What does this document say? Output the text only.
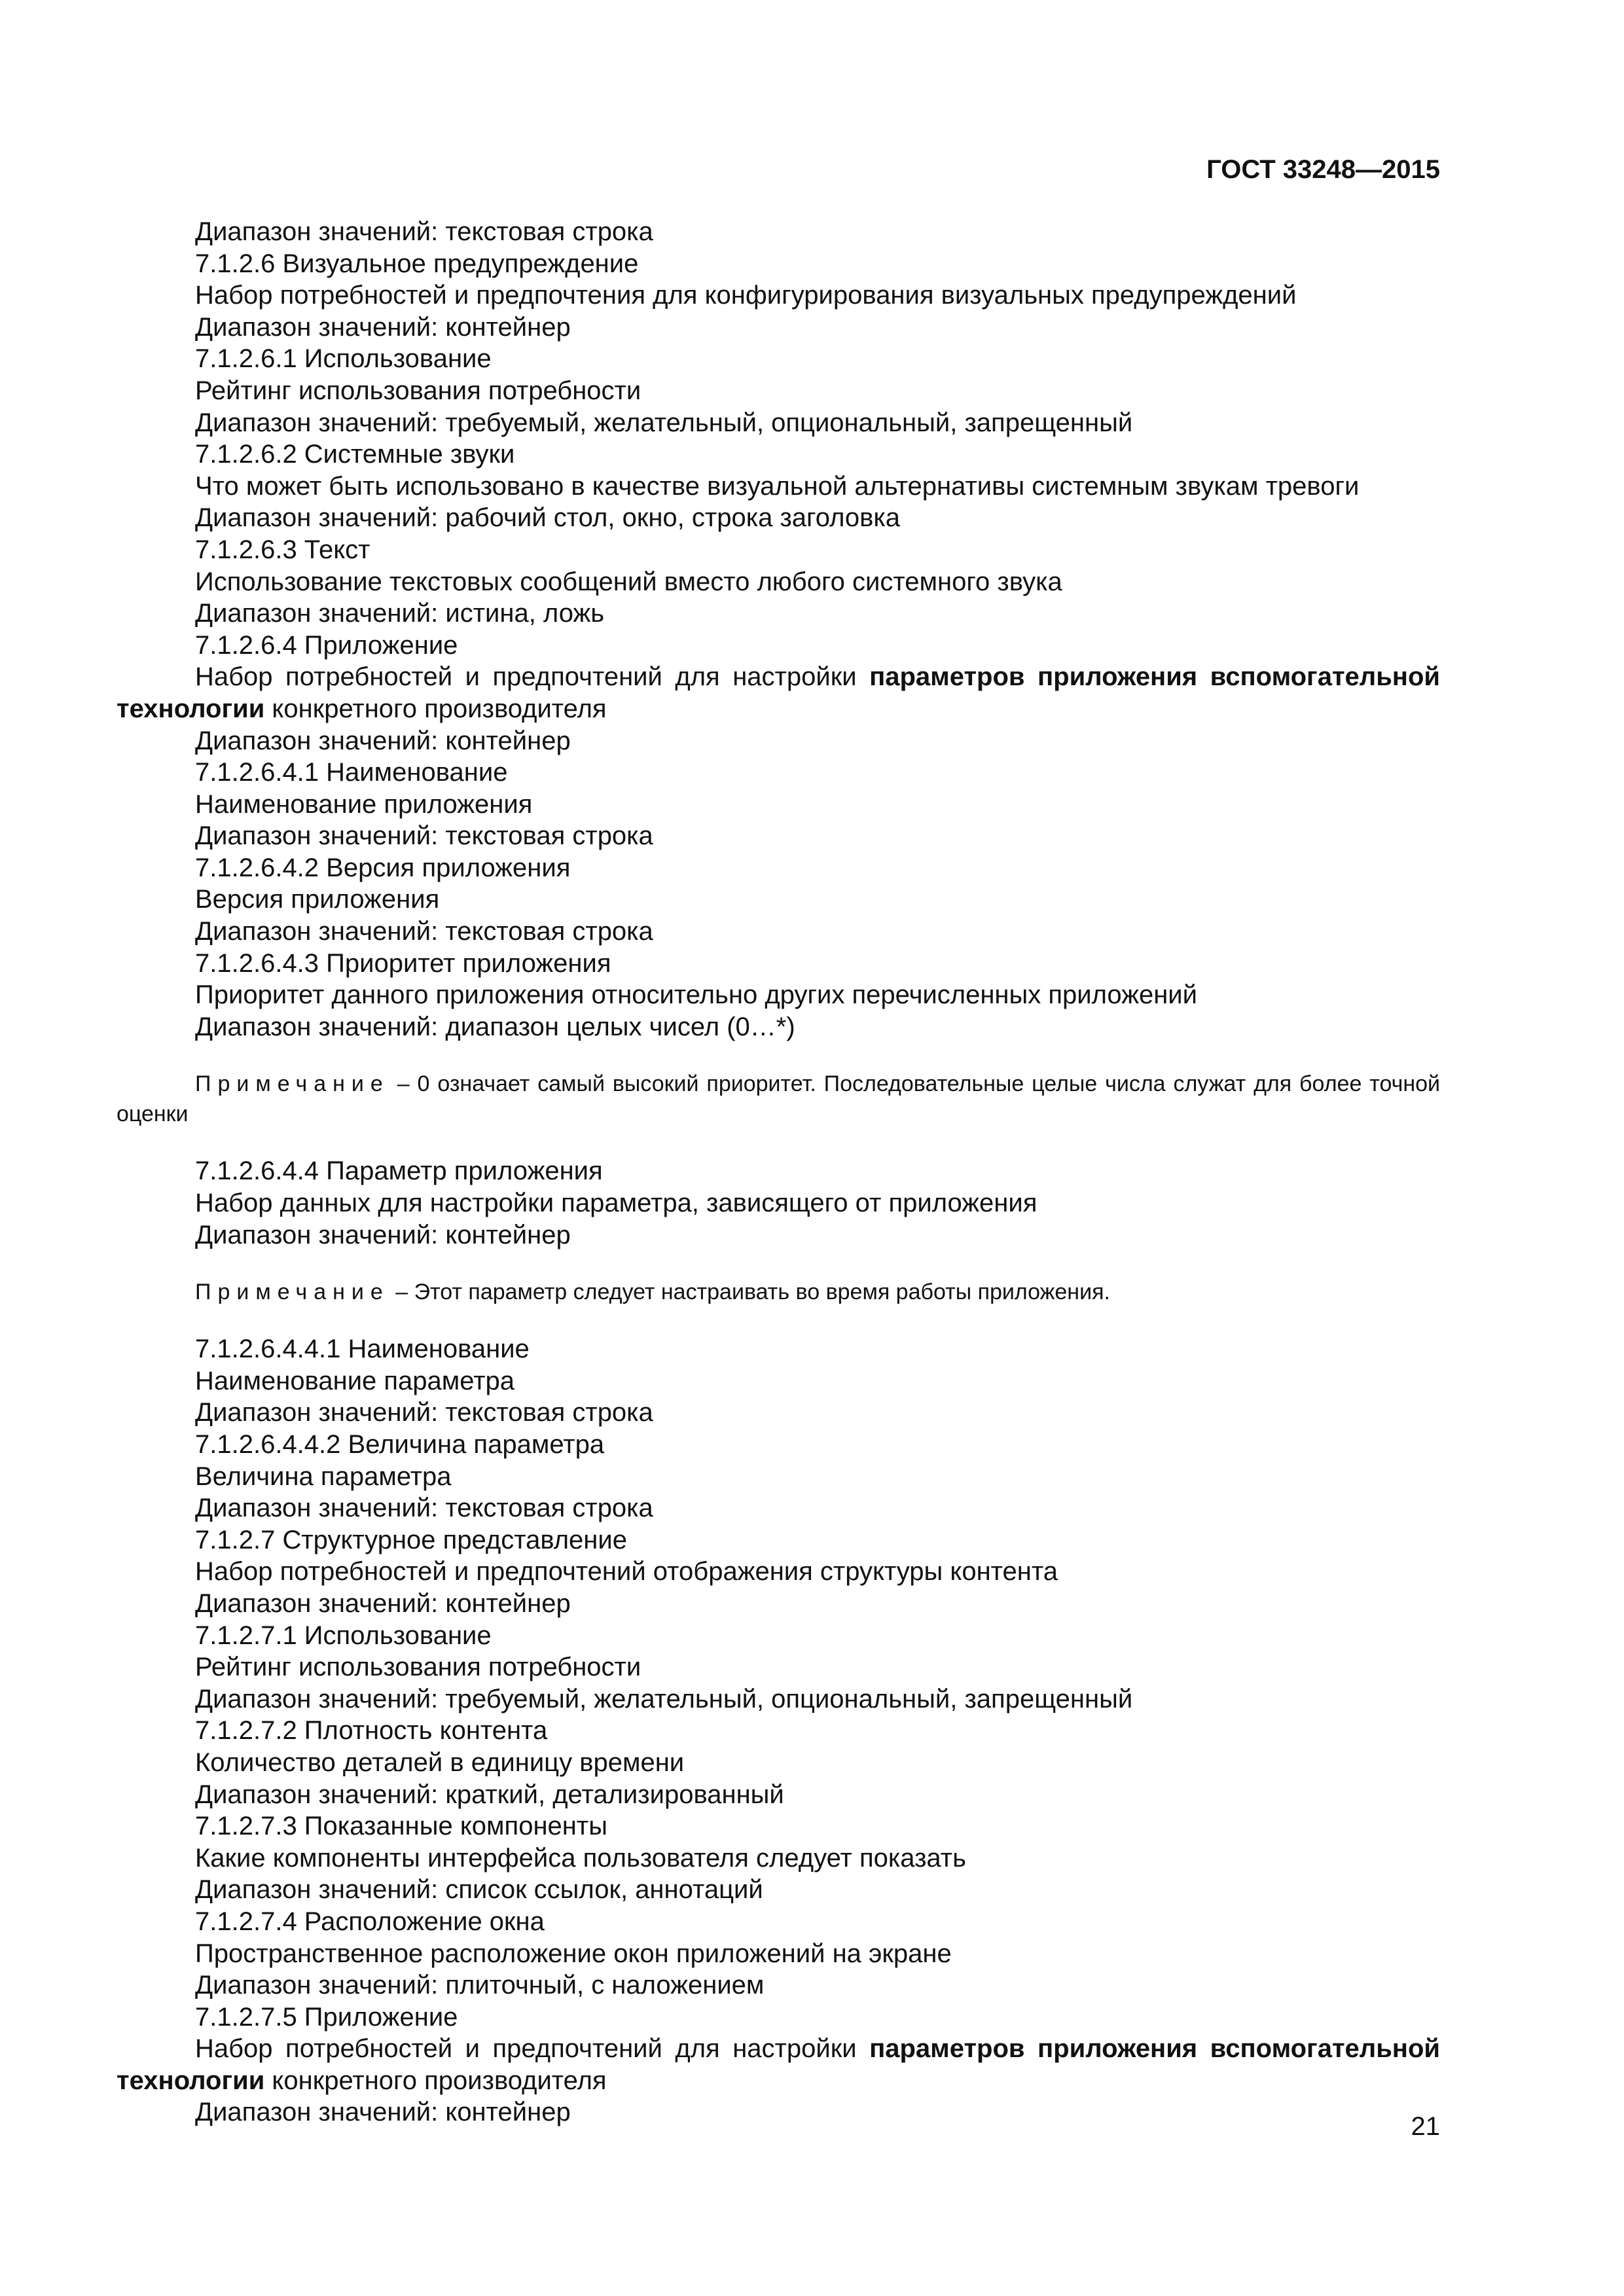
ГОСТ 33248—2015
Диапазон значений: текстовая строка
7.1.2.6 Визуальное предупреждение
Набор потребностей и предпочтения для конфигурирования визуальных предупреждений
Диапазон значений: контейнер
7.1.2.6.1 Использование
Рейтинг использования потребности
Диапазон значений: требуемый, желательный, опциональный, запрещенный
7.1.2.6.2 Системные звуки
Что может быть использовано в качестве визуальной альтернативы системным звукам тревоги
Диапазон значений: рабочий стол, окно, строка заголовка
7.1.2.6.3 Текст
Использование текстовых сообщений вместо любого системного звука
Диапазон значений: истина, ложь
7.1.2.6.4 Приложение
Набор потребностей и предпочтений для настройки параметров приложения вспомогательной технологии конкретного производителя
Диапазон значений: контейнер
7.1.2.6.4.1 Наименование
Наименование приложения
Диапазон значений: текстовая строка
7.1.2.6.4.2 Версия приложения
Версия приложения
Диапазон значений: текстовая строка
7.1.2.6.4.3 Приоритет приложения
Приоритет данного приложения относительно других перечисленных приложений
Диапазон значений: диапазон целых чисел (0…*)
Примечание – 0 означает самый высокий приоритет. Последовательные целые числа служат для более точной оценки
7.1.2.6.4.4 Параметр приложения
Набор данных для настройки параметра, зависящего от приложения
Диапазон значений: контейнер
Примечание – Этот параметр следует настраивать во время работы приложения.
7.1.2.6.4.4.1 Наименование
Наименование параметра
Диапазон значений: текстовая строка
7.1.2.6.4.4.2 Величина параметра
Величина параметра
Диапазон значений: текстовая строка
7.1.2.7 Структурное представление
Набор потребностей и предпочтений отображения структуры контента
Диапазон значений: контейнер
7.1.2.7.1 Использование
Рейтинг использования потребности
Диапазон значений: требуемый, желательный, опциональный, запрещенный
7.1.2.7.2 Плотность контента
Количество деталей в единицу времени
Диапазон значений: краткий, детализированный
7.1.2.7.3 Показанные компоненты
Какие компоненты интерфейса пользователя следует показать
Диапазон значений: список ссылок, аннотаций
7.1.2.7.4 Расположение окна
Пространственное расположение окон приложений на экране
Диапазон значений: плиточный, с наложением
7.1.2.7.5 Приложение
Набор потребностей и предпочтений для настройки параметров приложения вспомогательной технологии конкретного производителя
Диапазон значений: контейнер	21
